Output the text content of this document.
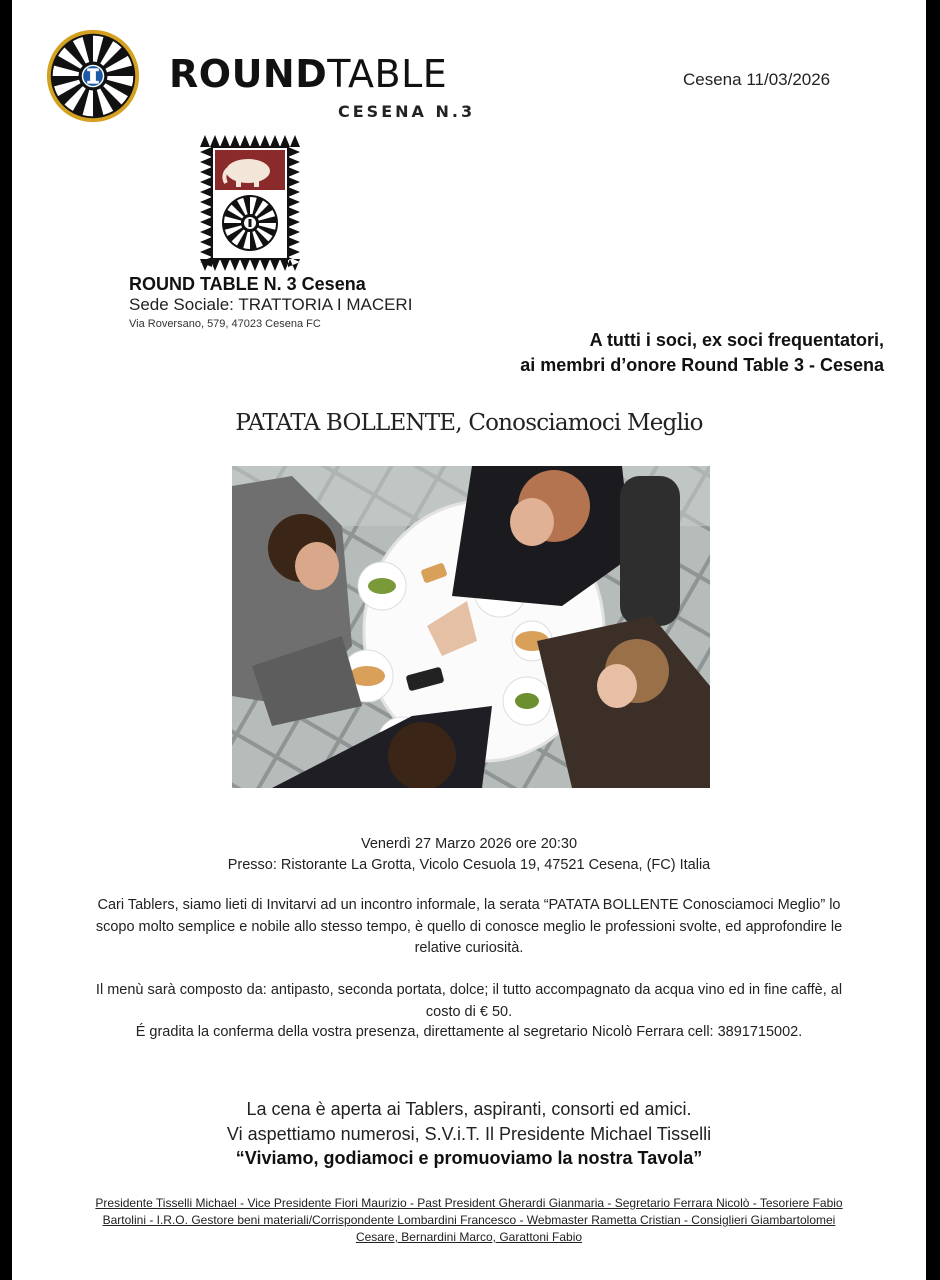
ROUNDTABLE
CESENA N.3
Cesena 11/03/2026
ROUND TABLE N. 3 Cesena
Sede Sociale: TRATTORIA I MACERI
Via Roversano, 579, 47023 Cesena FC
A tutti i soci, ex soci frequentatori,
ai membri d’onore Round Table 3 - Cesena
PATATA BOLLENTE, Conosciamoci Meglio
Venerdì 27 Marzo 2026 ore 20:30
Presso: Ristorante La Grotta, Vicolo Cesuola 19, 47521 Cesena, (FC) Italia
Cari Tablers, siamo lieti di Invitarvi ad un incontro informale, la serata “PATATA BOLLENTE Conosciamoci Meglio” lo scopo molto semplice e nobile allo stesso tempo, è quello di conosce meglio le professioni svolte, ed approfondire le relative curiosità.
Il menù sarà composto da: antipasto, seconda portata, dolce; il tutto accompagnato da acqua vino ed in fine caffè, al costo di € 50.
É gradita la conferma della vostra presenza, direttamente al segretario Nicolò Ferrara cell: 3891715002.
La cena è aperta ai Tablers, aspiranti, consorti ed amici.
Vi aspettiamo numerosi, S.V.i.T. Il Presidente Michael Tisselli
“Viviamo, godiamoci e promuoviamo la nostra Tavola”
Presidente Tisselli Michael - Vice Presidente Fiori Maurizio - Past President Gherardi Gianmaria - Segretario Ferrara Nicolò - Tesoriere Fabio Bartolini - I.R.O. Gestore beni materiali/Corrispondente Lombardini Francesco - Webmaster Rametta Cristian - Consiglieri Giambartolomei Cesare, Bernardini Marco, Garattoni Fabio
